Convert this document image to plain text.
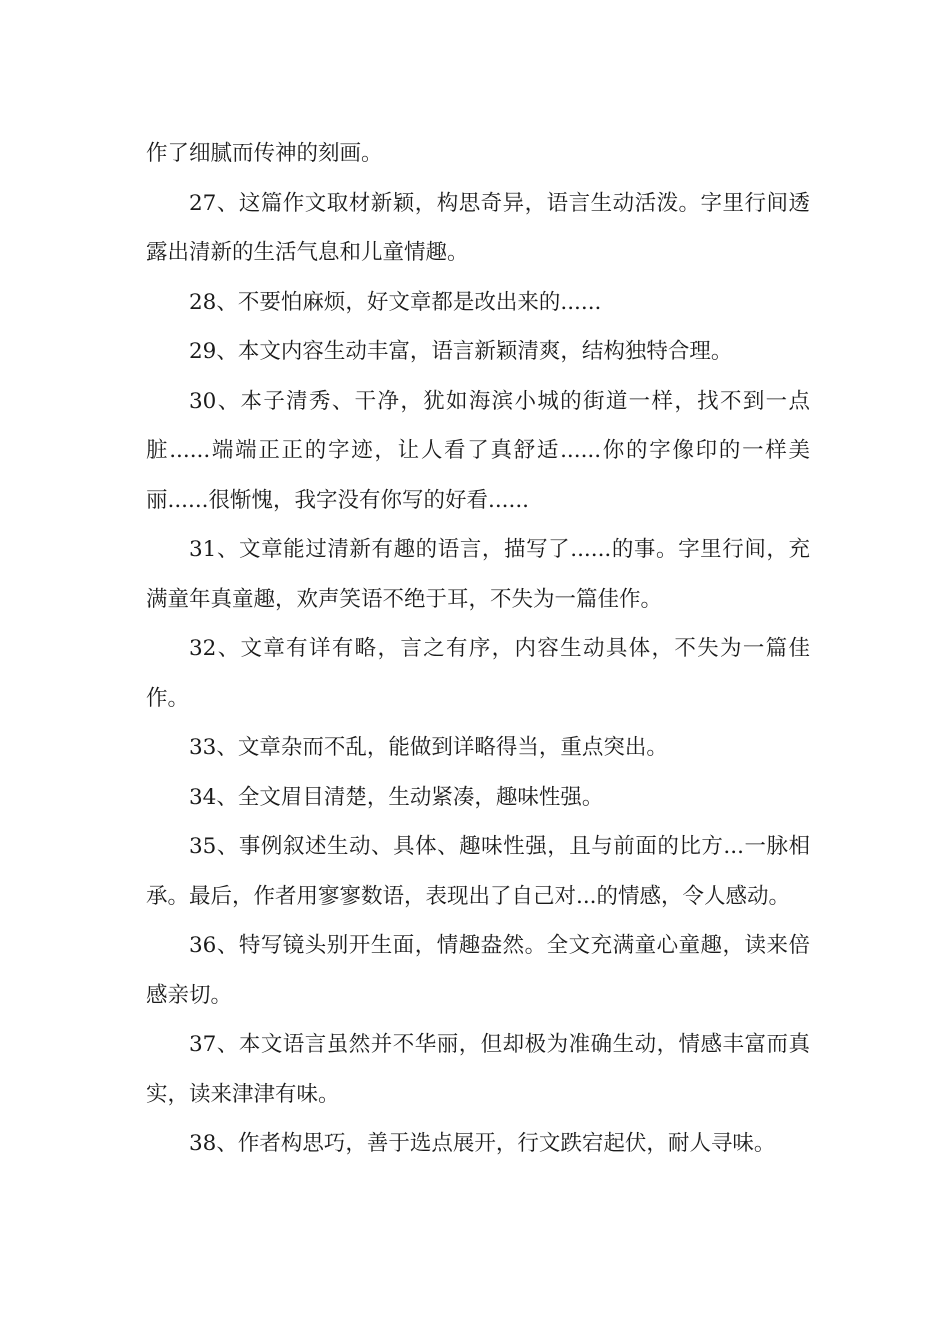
作了细腻而传神的刻画。

27、这篇作文取材新颖，构思奇异，语言生动活泼。字里行间透露出清新的生活气息和儿童情趣。

28、不要怕麻烦，好文章都是改出来的......

29、本文内容生动丰富，语言新颖清爽，结构独特合理。

30、本子清秀、干净，犹如海滨小城的街道一样，找不到一点脏......端端正正的字迹，让人看了真舒适......你的字像印的一样美丽......很惭愧，我字没有你写的好看......

31、文章能过清新有趣的语言，描写了......的事。字里行间，充满童年真童趣，欢声笑语不绝于耳，不失为一篇佳作。

32、文章有详有略，言之有序，内容生动具体，不失为一篇佳作。

33、文章杂而不乱，能做到详略得当，重点突出。

34、全文眉目清楚，生动紧凑，趣味性强。

35、事例叙述生动、具体、趣味性强，且与前面的比方...一脉相承。最后，作者用寥寥数语，表现出了自己对...的情感，令人感动。

36、特写镜头别开生面，情趣盎然。全文充满童心童趣，读来倍感亲切。

37、本文语言虽然并不华丽，但却极为准确生动，情感丰富而真实，读来津津有味。

38、作者构思巧，善于选点展开，行文跌宕起伏，耐人寻味。
